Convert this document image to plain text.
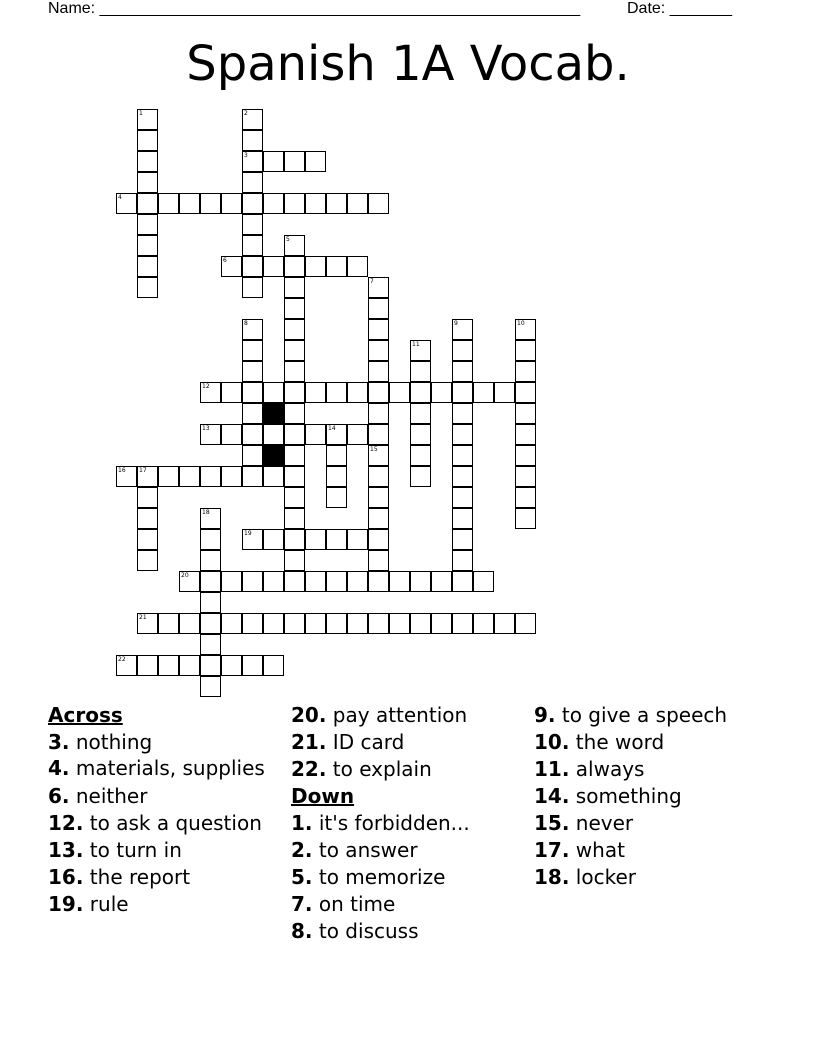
Name: ______________________________________________________	Date: _______
Spanish 1A Vocab.
3
4
6
12
13	14
16 17
19
20
21
22
1	2
5
7
15
8	9	10
11
18
Across
3. nothing
4. materials, supplies
6. neither
12. to ask a question
13. to turn in
16. the report
19. rule
20. pay attention
21. ID card
22. to explain
Down
1. it's forbidden...
2. to answer
5. to memorize
7. on time
8. to discuss
9. to give a speech
10. the word
11. always
14. something
15. never
17. what
18. locker
